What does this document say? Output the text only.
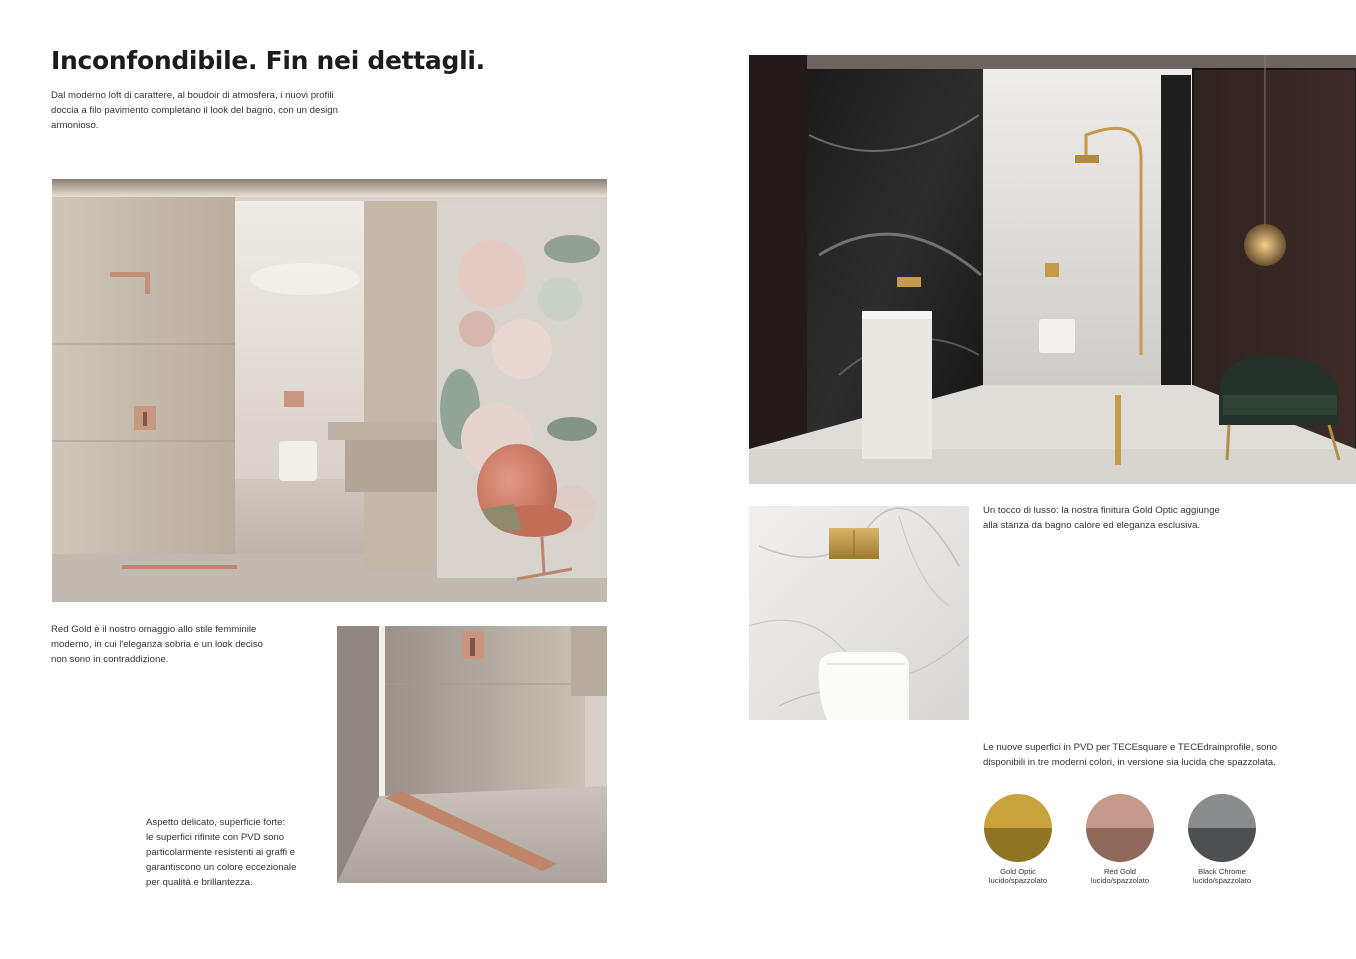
Inconfondibile. Fin nei dettagli.
Dal moderno loft di carattere, al boudoir di atmosfera, i nuovi profili
doccia a filo pavimento completano il look del bagno, con un design
armonioso.
Red Gold è il nostro omaggio allo stile femminile
moderno, in cui l'eleganza sobria e un look deciso
non sono in contraddizione.
Aspetto delicato, superficie forte:
le superfici rifinite con PVD sono
particolarmente resistenti ai graffi e
garantiscono un colore eccezionale
per qualità e brillantezza.
Un tocco di lusso: la nostra finitura Gold Optic aggiunge
alla stanza da bagno calore ed eleganza esclusiva.
Le nuove superfici in PVD per TECEsquare e TECEdrainprofile, sono
disponibili in tre moderni colori, in versione sia lucida che spazzolata.
Gold Optic
lucido/spazzolato
Red Gold
lucido/spazzolato
Black Chrome
lucido/spazzolato
